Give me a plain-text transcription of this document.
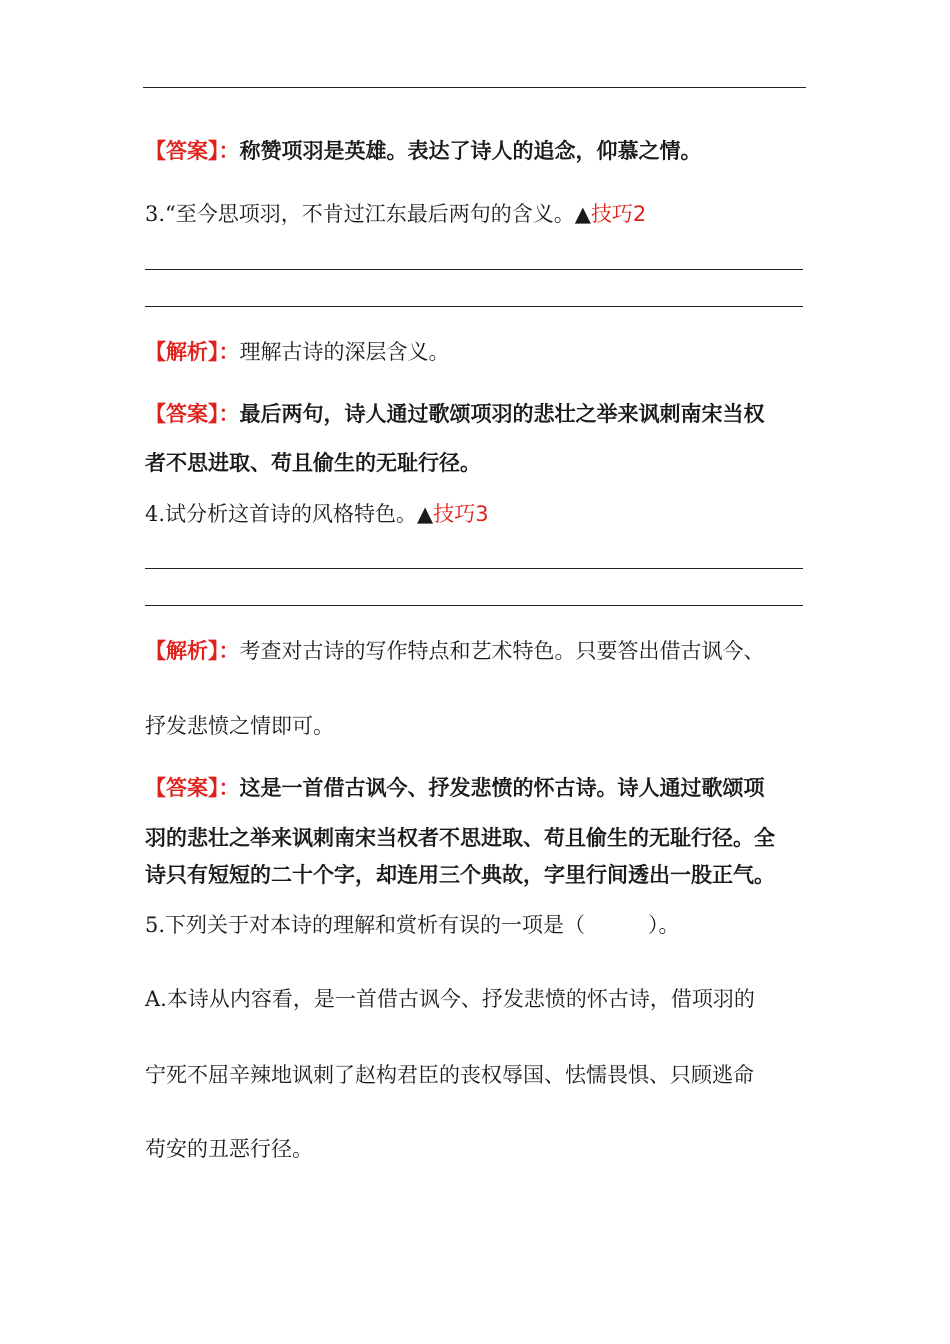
【答案】：称赞项羽是英雄。表达了诗人的追念，仰慕之情。
3.“至今思项羽，不肯过江东最后两句的含义。▲技巧2
【解析】：理解古诗的深层含义。
【答案】：最后两句，诗人通过歌颂项羽的悲壮之举来讽刺南宋当权
者不思进取、苟且偷生的无耻行径。
4.试分析这首诗的风格特色。▲技巧3
【解析】：考查对古诗的写作特点和艺术特色。只要答出借古讽今、
抒发悲愤之情即可。
【答案】：这是一首借古讽今、抒发悲愤的怀古诗。诗人通过歌颂项
羽的悲壮之举来讽刺南宋当权者不思进取、苟且偷生的无耻行径。全
诗只有短短的二十个字，却连用三个典故，字里行间透出一股正气。
5.下列关于对本诗的理解和赏析有误的一项是（　　　）。
A.本诗从内容看，是一首借古讽今、抒发悲愤的怀古诗，借项羽的
宁死不屈辛辣地讽刺了赵构君臣的丧权辱国、怯懦畏惧、只顾逃命
苟安的丑恶行径。
